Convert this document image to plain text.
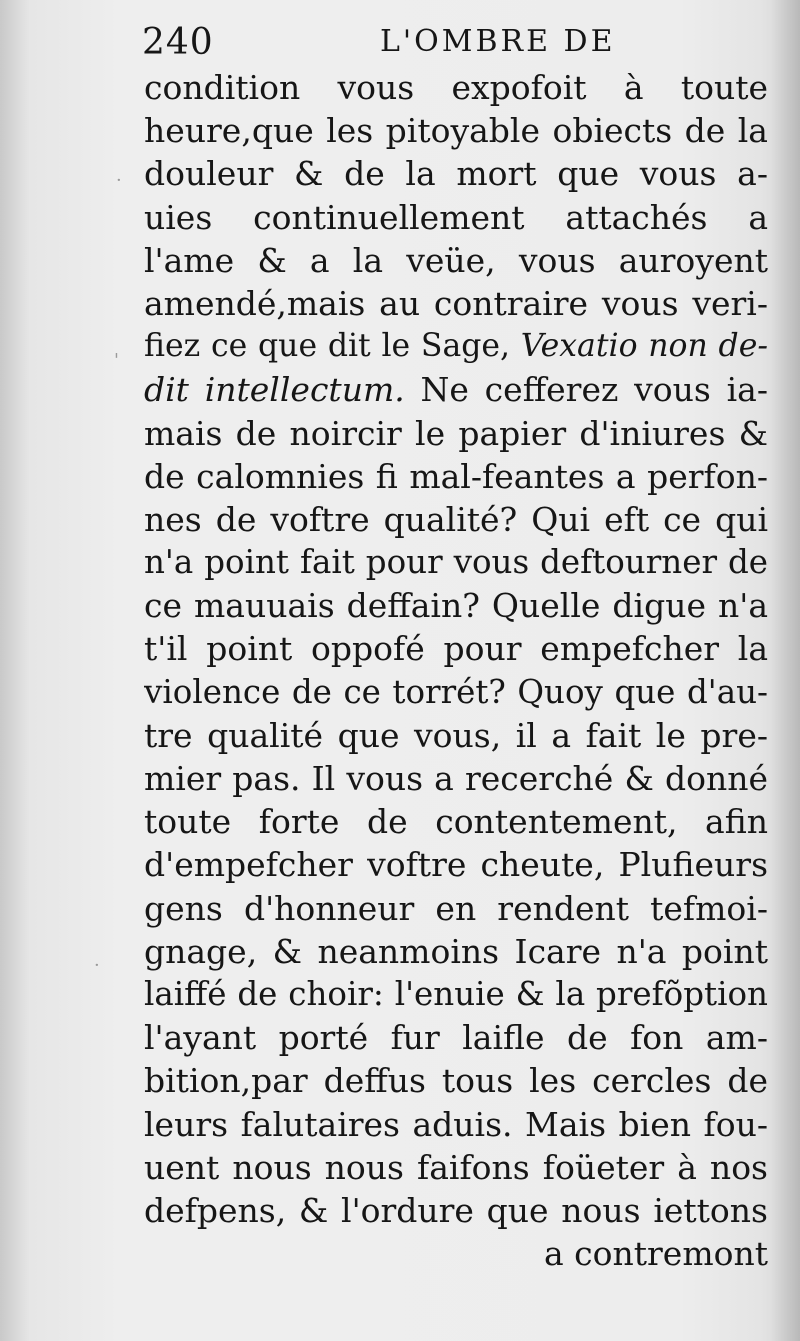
240	L'OMBRE DE
condition vous expofoit à toute
heure,que les pitoyable obiects de la
douleur & de la mort que vous a-
uies continuellement attachés a
l'ame & a la veüe, vous auroyent
amendé,mais au contraire vous veri-
fiez ce que dit le Sage, Vexatio non de-
dit intellectum. Ne cefferez vous ia-
mais de noircir le papier d'iniures &
de calomnies fi mal-feantes a perfon-
nes de voftre qualité? Qui eft ce qui
n'a point fait pour vous deftourner de
ce mauuais deffain? Quelle digue n'a
t'il point oppofé pour empefcher la
violence de ce torrét? Quoy que d'au-
tre qualité que vous, il a fait le pre-
mier pas. Il vous a recerché & donné
toute forte de contentement, afin
d'empefcher voftre cheute, Plufieurs
gens d'honneur en rendent tefmoi-
gnage, & neanmoins Icare n'a point
laiffé de choir: l'enuie & la prefõption
l'ayant porté fur laifle de fon am-
bition,par deffus tous les cercles de
leurs falutaires aduis. Mais bien fou-
uent nous nous faifons foüeter à nos
defpens, & l'ordure que nous iettons
a contremont
·
'
·
